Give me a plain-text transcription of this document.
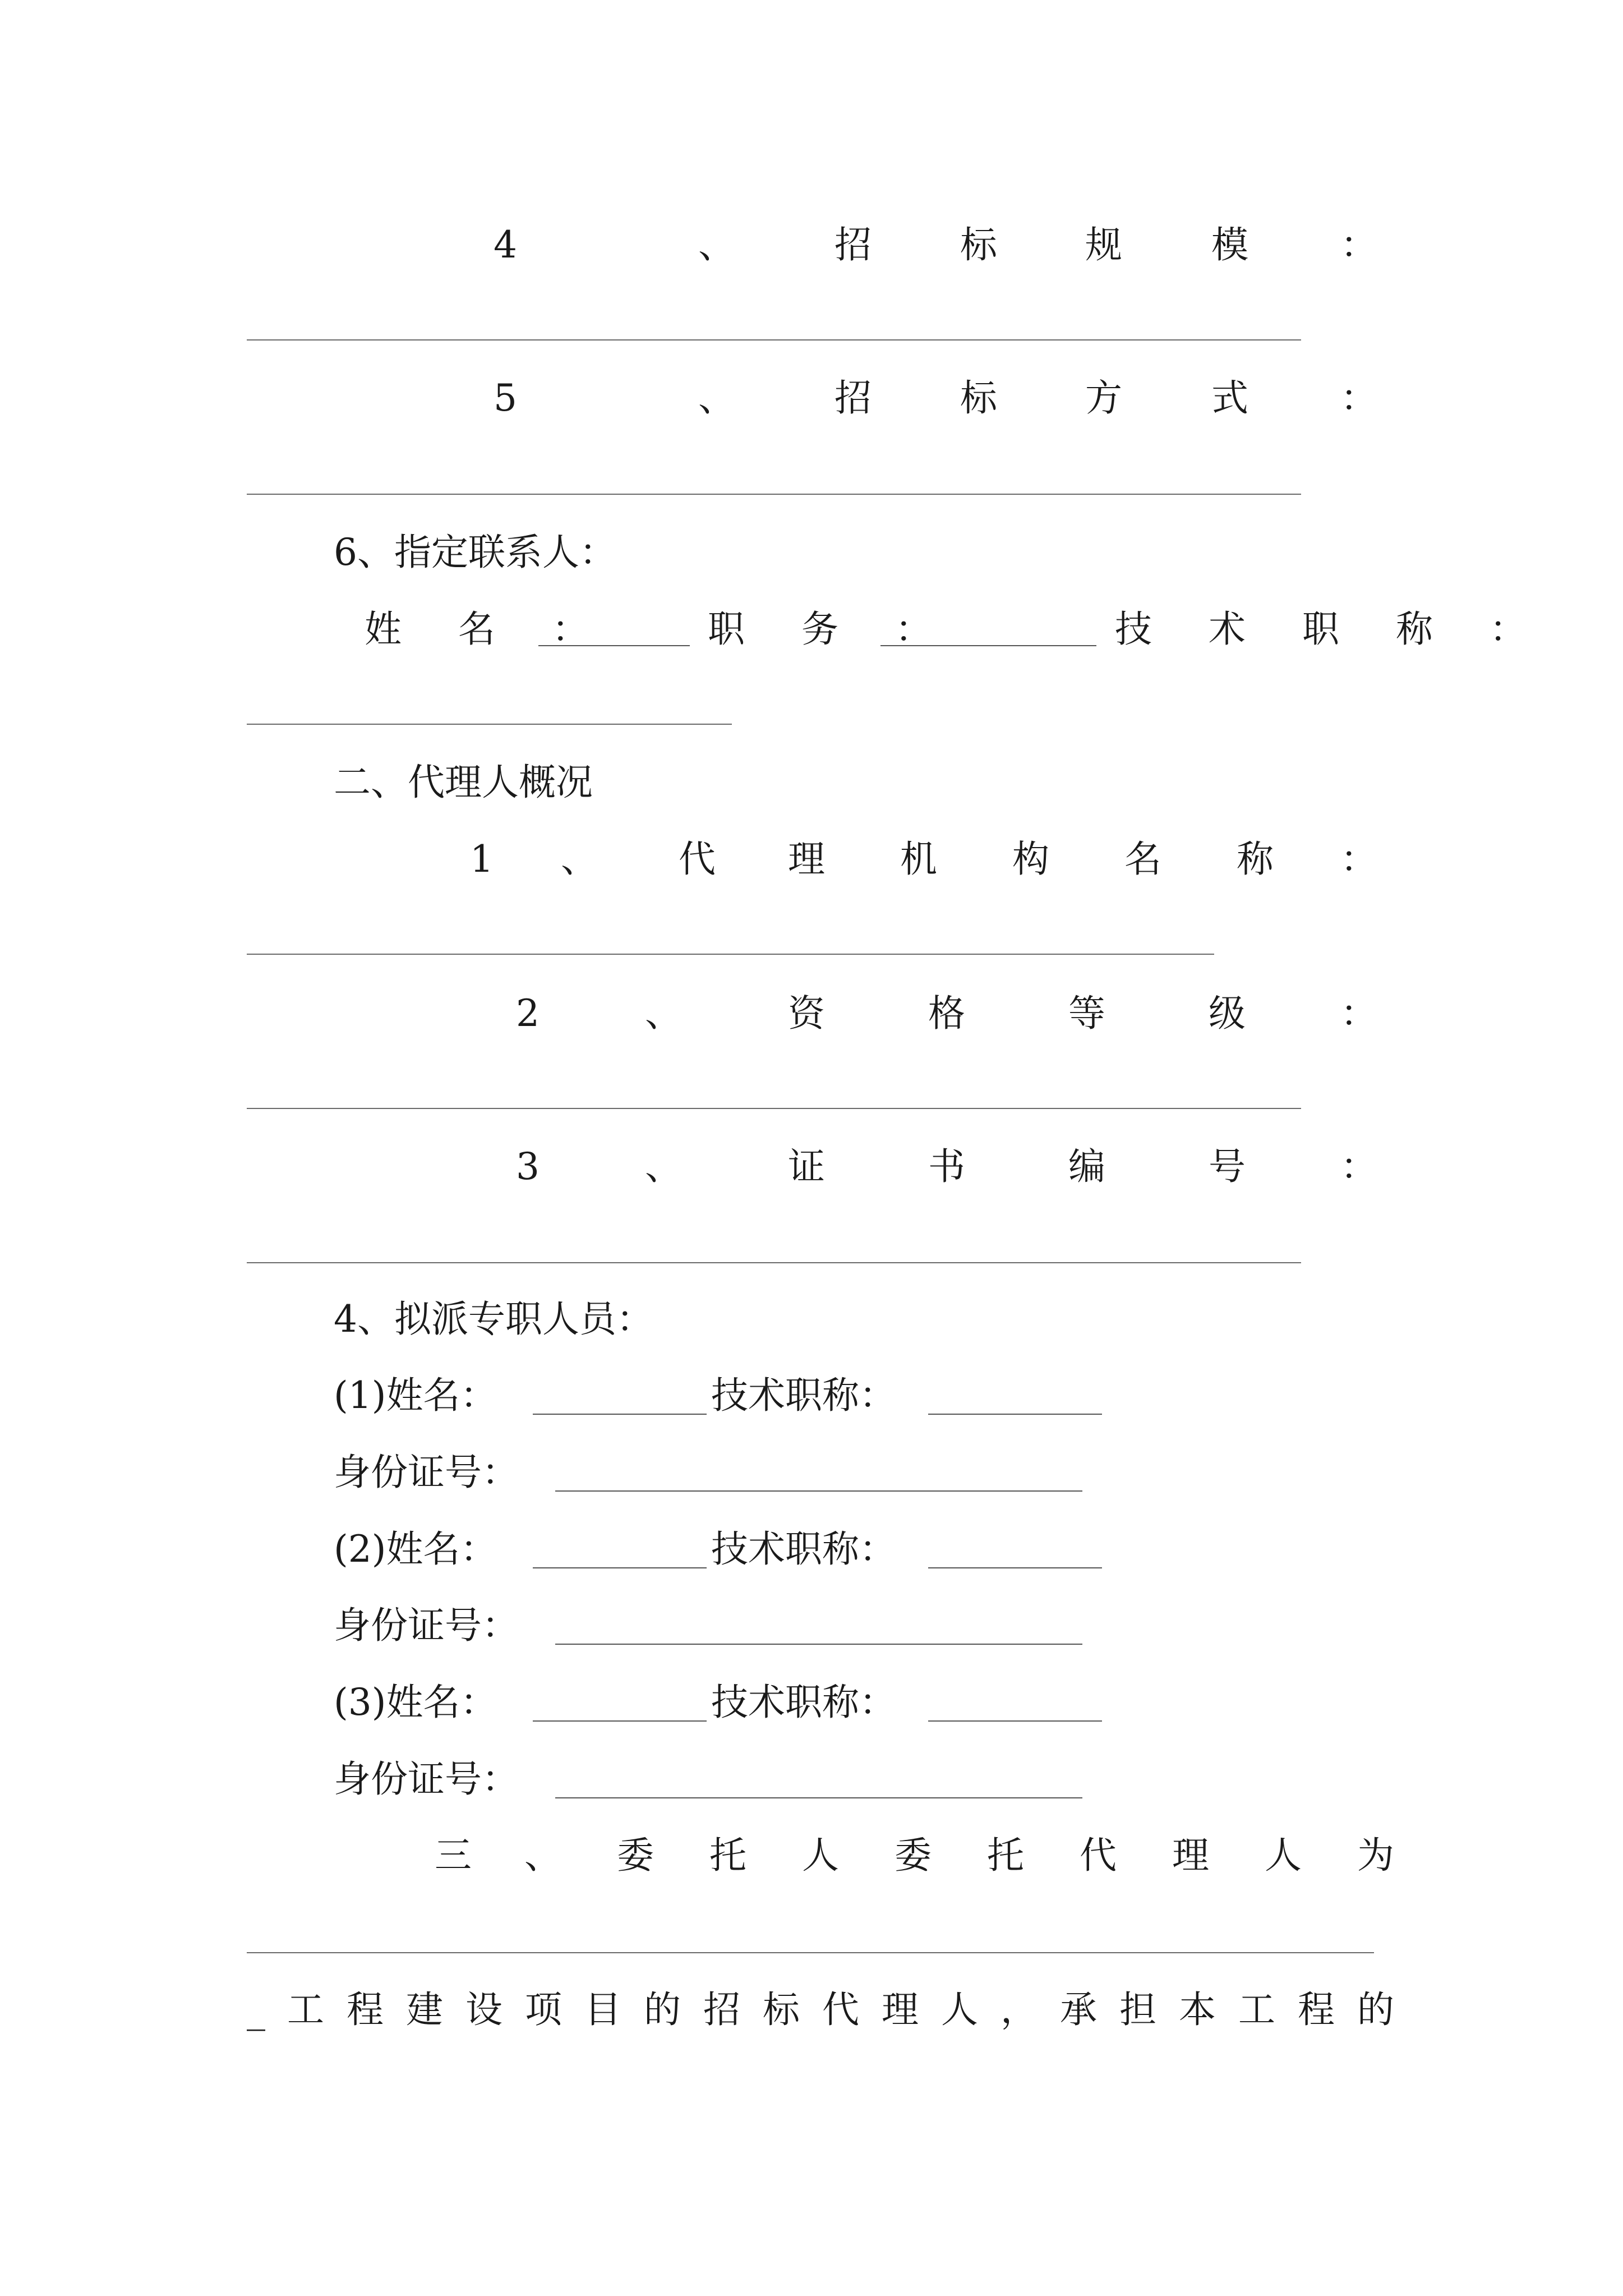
4	、	招 标 规 模 ：
5	、	招 标 方 式 ：
6、指定联系人：
姓 名 ：	职 务 ：	技 术 职 称 ：
二、代理人概况
1 、 代 理 机 构 名 称 ：
2	、	资	格	等	级	：
3	、	证	书	编	号	：
4、拟派专职人员：
(1)姓名：	技术职称：
身份证号：
(2)姓名：	技术职称：
身份证号：
(3)姓名：	技术职称：
身份证号：
三 、 委 托 人 委 托 代 理 人 为
_ 工 程 建 设 项 目 的 招 标 代 理 人 ， 承 担 本 工 程 的
